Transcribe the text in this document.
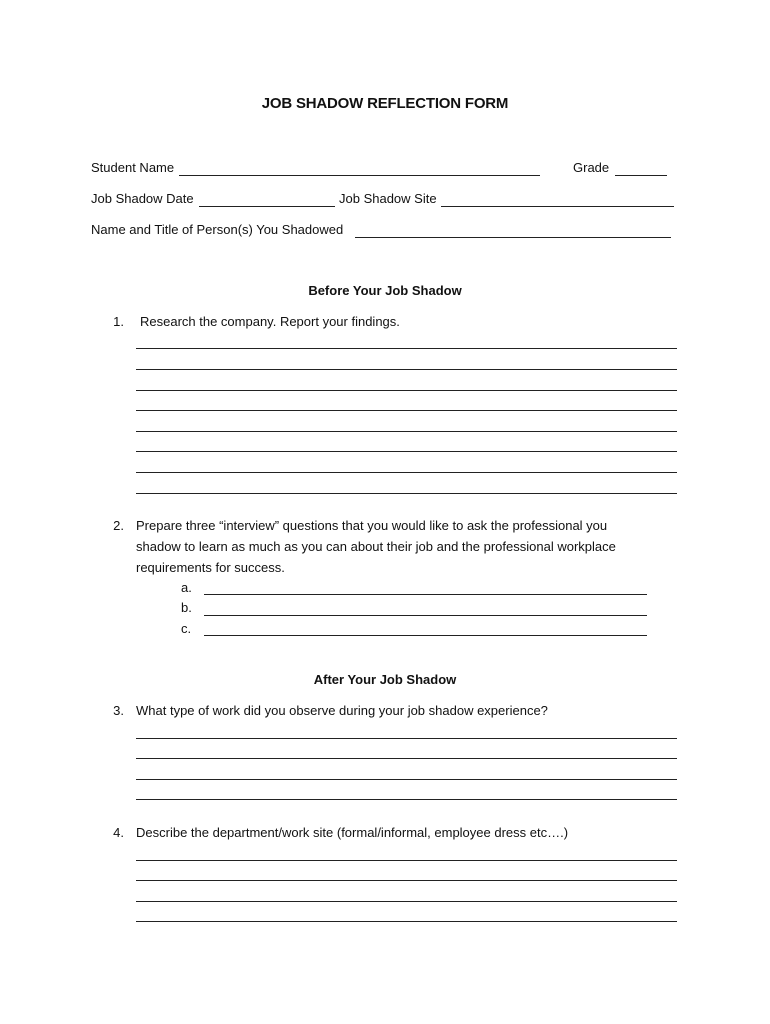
JOB SHADOW REFLECTION FORM
Student Name	Grade
Job Shadow Date	Job Shadow Site
Name and Title of Person(s) You Shadowed
Before Your Job Shadow
1. Research the company. Report your findings.
2. Prepare three “interview” questions that you would like to ask the professional you
shadow to learn as much as you can about their job and the professional workplace
requirements for success.
a.
b.
c.
After Your Job Shadow
3. What type of work did you observe during your job shadow experience?
4. Describe the department/work site (formal/informal, employee dress etc….)
